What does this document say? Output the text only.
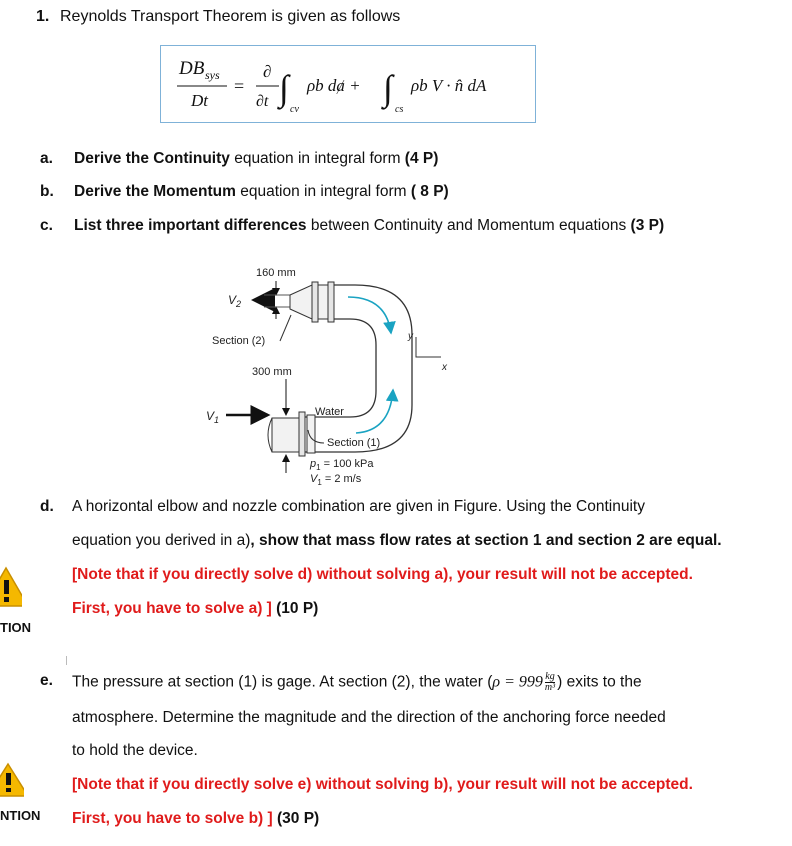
1. Reynolds Transport Theorem is given as follows
DB sys
Dt
=
∂
∂t ∫
cv
ρb dⱥ + ∫
cs
ρb V · n̂ dA
a. Derive the Continuity equation in integral form (4 P)
b. Derive the Momentum equation in integral form ( 8 P)
c. List three important differences between Continuity and Momentum equations (3 P)
160 mm
$V_2$
300 mm
$V_1$
Water
Section (2)
Section (1)
$p_1 = 100$ kPa
$V_1 = 2$ m/s
y
x
d. A horizontal elbow and nozzle combination are given in Figure. Using the Continuity
equation you derived in a), show that mass flow rates at section 1 and section 2 are equal.
[Note that if you directly solve d) without solving a), your result will not be accepted.
First, you have to solve a) ] (10 P)
TION
e. The pressure at section (1) is gage. At section (2), the water ($\rho = 999 \frac{kg}{\text{m³}}$ ) exits to the
atmosphere. Determine the magnitude and the direction of the anchoring force needed
to hold the device.
[Note that if you directly solve e) without solving b), your result will not be accepted.
First, you have to solve b) ] (30 P)
NTION
